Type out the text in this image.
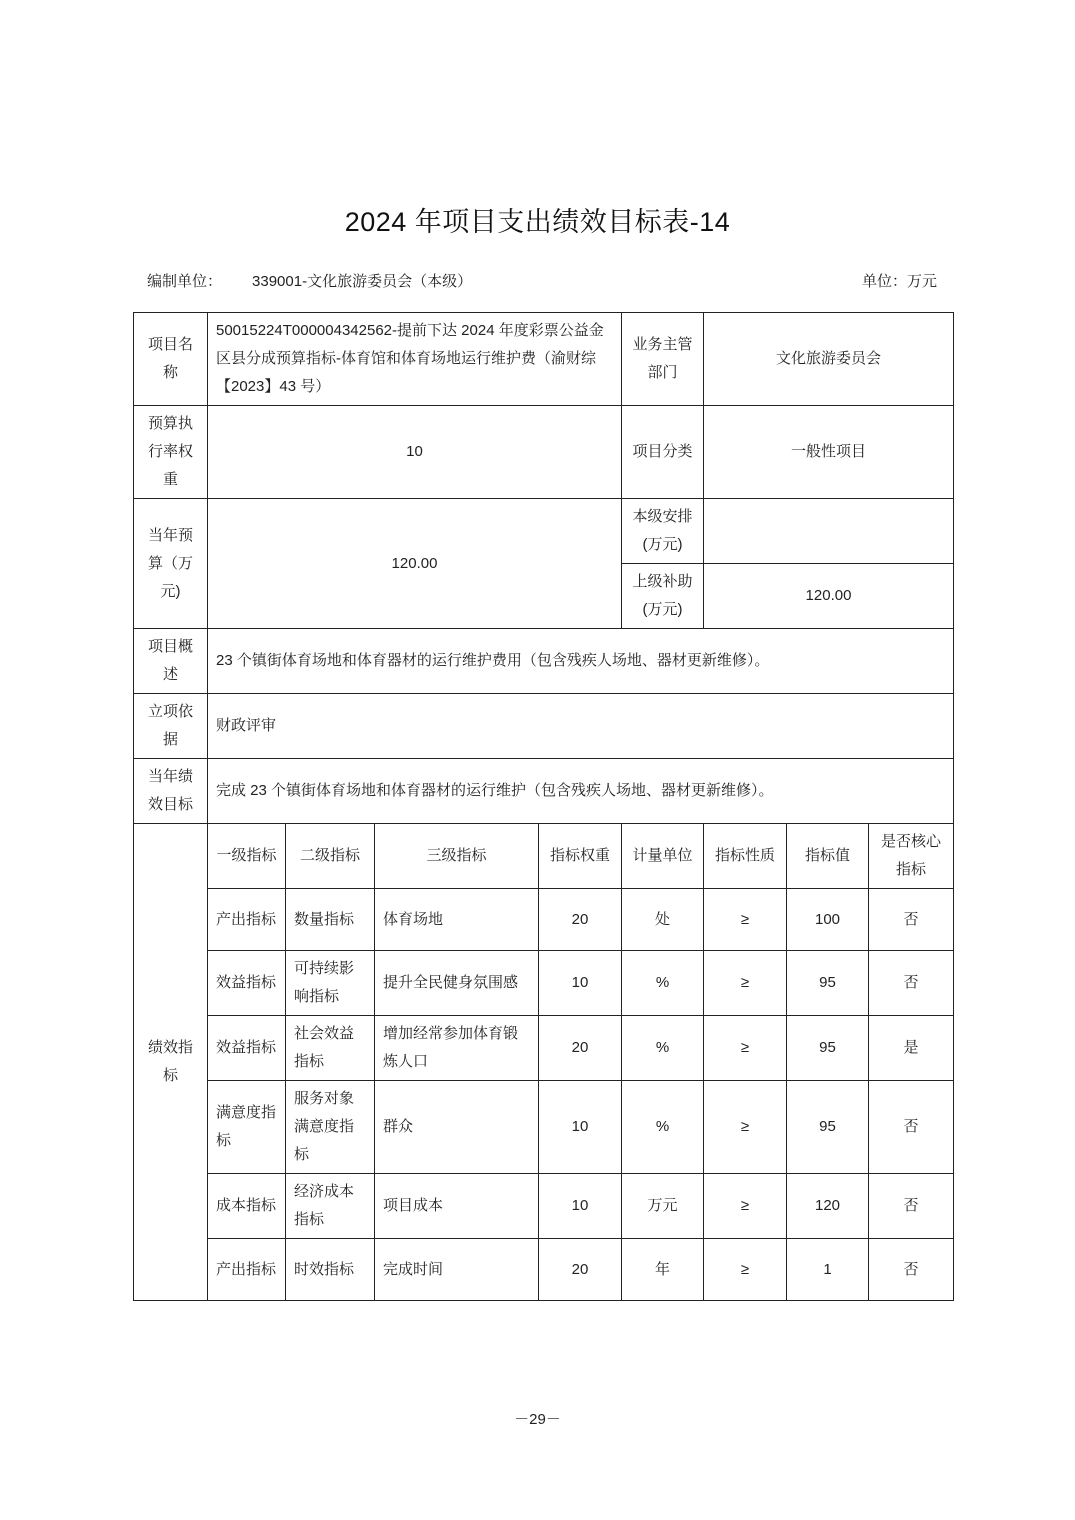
2024 年项目支出绩效目标表-14
编制单位： 339001-文化旅游委员会（本级）	单位：万元
项目名称	50015224T000004342562-提前下达 2024 年度彩票公益金区县分成预算指标-体育馆和体育场地运行维护费（渝财综【2023】43 号）				业务主管部门	文化旅游委员会		
预算执行率权重	10				项目分类	一般性项目		
当年预算（万元)	120.00				本级安排(万元)			
					上级补助(万元)	120.00		
项目概述	23 个镇街体育场地和体育器材的运行维护费用（包含残疾人场地、器材更新维修）。							
立项依据	财政评审							
当年绩效目标	完成 23 个镇街体育场地和体育器材的运行维护（包含残疾人场地、器材更新维修）。							
绩效指标	一级指标	二级指标	三级指标	指标权重	计量单位	指标性质	指标值	是否核心指标
	产出指标	数量指标	体育场地	20	处	≥	100	否
	效益指标	可持续影响指标	提升全民健身氛围感	10	%	≥	95	否
	效益指标	社会效益指标	增加经常参加体育锻炼人口	20	%	≥	95	是
	满意度指标	服务对象满意度指标	群众	10	%	≥	95	否
	成本指标	经济成本指标	项目成本	10	万元	≥	120	否
	产出指标	时效指标	完成时间	20	年	≥	1	否
－29－
